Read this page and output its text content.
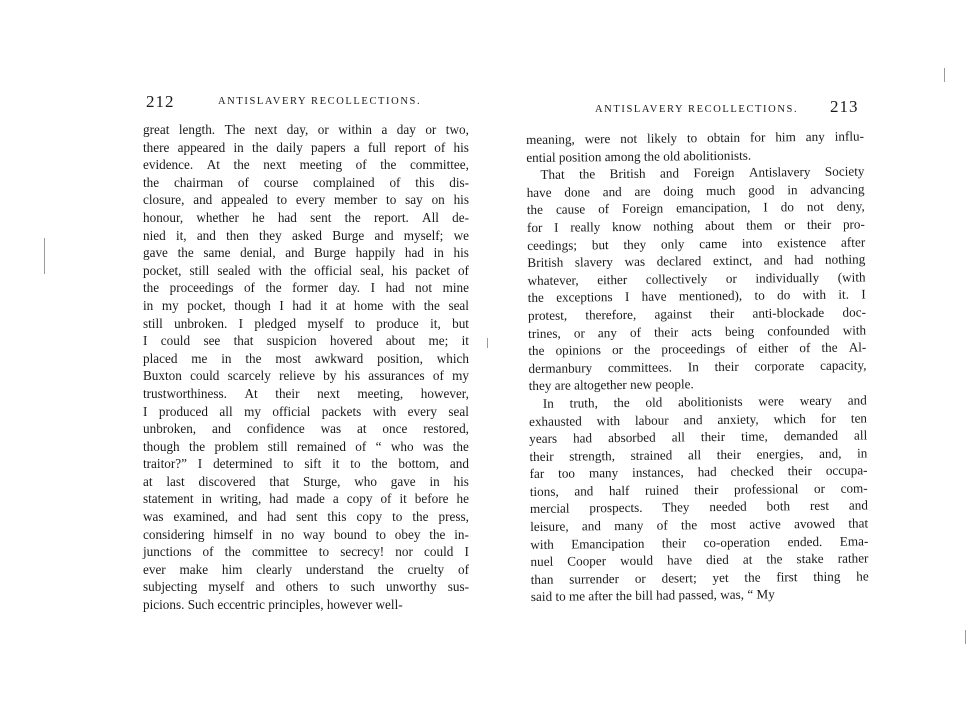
212	ANTISLAVERY RECOLLECTIONS.
great length. The next day, or within a day or two,
there appeared in the daily papers a full report of his
evidence. At the next meeting of the committee,
the chairman of course complained of this dis-
closure, and appealed to every member to say on his
honour, whether he had sent the report. All de-
nied it, and then they asked Burge and myself; we
gave the same denial, and Burge happily had in his
pocket, still sealed with the official seal, his packet of
the proceedings of the former day. I had not mine
in my pocket, though I had it at home with the seal
still unbroken. I pledged myself to produce it, but
I could see that suspicion hovered about me; it
placed me in the most awkward position, which
Buxton could scarcely relieve by his assurances of my
trustworthiness. At their next meeting, however,
I produced all my official packets with every seal
unbroken, and confidence was at once restored,
though the problem still remained of “ who was the
traitor?” I determined to sift it to the bottom, and
at last discovered that Sturge, who gave in his
statement in writing, had made a copy of it before he
was examined, and had sent this copy to the press,
considering himself in no way bound to obey the in-
junctions of the committee to secrecy! nor could I
ever make him clearly understand the cruelty of
subjecting myself and others to such unworthy sus-
picions. Such eccentric principles, however well-
ANTISLAVERY RECOLLECTIONS. 213
meaning, were not likely to obtain for him any influ-
ential position among the old abolitionists.
That the British and Foreign Antislavery Society
have done and are doing much good in advancing
the cause of Foreign emancipation, I do not deny,
for I really know nothing about them or their pro-
ceedings; but they only came into existence after
British slavery was declared extinct, and had nothing
whatever, either collectively or individually (with
the exceptions I have mentioned), to do with it. I
protest, therefore, against their anti-blockade doc-
trines, or any of their acts being confounded with
the opinions or the proceedings of either of the Al-
dermanbury committees. In their corporate capacity,
they are altogether new people.
In truth, the old abolitionists were weary and
exhausted with labour and anxiety, which for ten
years had absorbed all their time, demanded all
their strength, strained all their energies, and, in
far too many instances, had checked their occupa-
tions, and half ruined their professional or com-
mercial prospects. They needed both rest and
leisure, and many of the most active avowed that
with Emancipation their co-operation ended. Ema-
nuel Cooper would have died at the stake rather
than surrender or desert; yet the first thing he
said to me after the bill had passed, was, “ My
